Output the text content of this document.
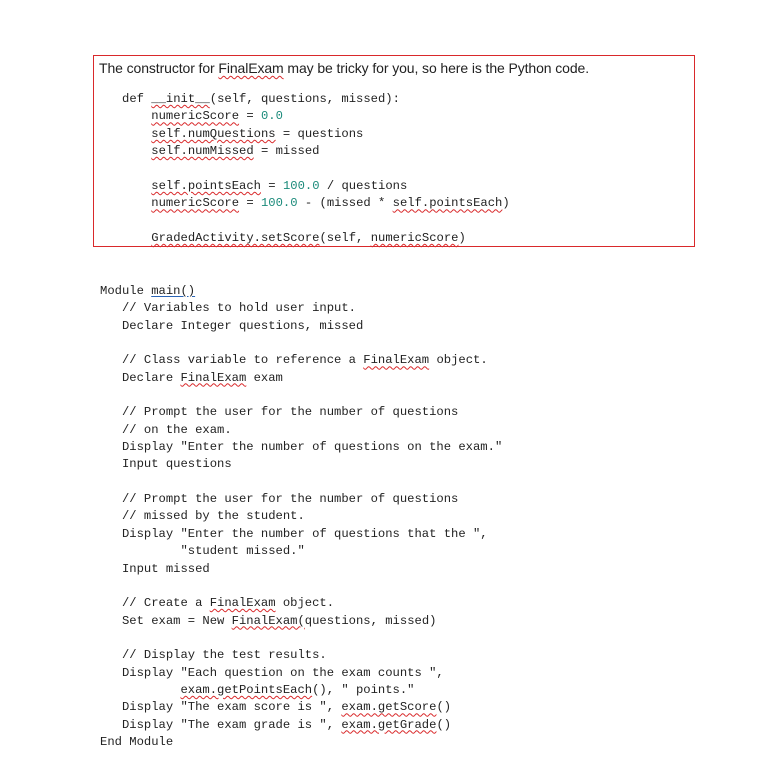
The constructor for FinalExam may be tricky for you, so here is the Python code.
def __init__(self, questions, missed):
numericScore = 0.0
self.numQuestions = questions
self.numMissed = missed
self.pointsEach = 100.0 / questions
numericScore = 100.0 - (missed * self.pointsEach)
GradedActivity.setScore(self, numericScore)
Module main()
// Variables to hold user input.
Declare Integer questions, missed
// Class variable to reference a FinalExam object.
Declare FinalExam exam
// Prompt the user for the number of questions
// on the exam.
Display "Enter the number of questions on the exam."
Input questions
// Prompt the user for the number of questions
// missed by the student.
Display "Enter the number of questions that the ",
"student missed."
Input missed
// Create a FinalExam object.
Set exam = New FinalExam(questions, missed)
// Display the test results.
Display "Each question on the exam counts ",
exam.getPointsEach(), " points."
Display "The exam score is ", exam.getScore()
Display "The exam grade is ", exam.getGrade()
End Module
